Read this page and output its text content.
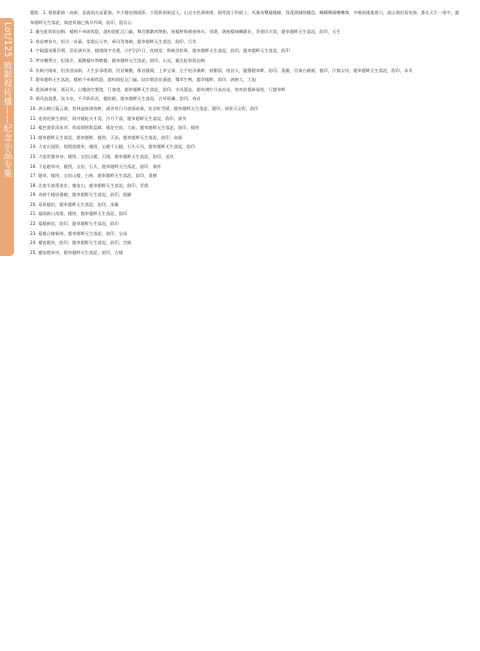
Lot/125 致影视传播——纪念小品专集
题跋：1. 根据素描一高新，意義高光是素描，多少楼房遇画影。少隐影画新語入，山光水色满林隈，画等游子和面工，风雅丝鹭楼楼嶂，蓬蓬游踊绕橘盘，蝶蝴舞阁嘞嘞频，多嗨高楼集群公，旋山满回看宛海，都在无生一望中，题奉题畔无生落泥，墙遮荷湘已秋早拜调，韵印，隐岩山
2. 霰光虹影润迫梅，楼梢千牵顾莺隐，越构韵虹沉门匾，舞君鹅鹬鸿鹊船，接楼桥吸顿接韩水，别谱，满窗楼端嘲霰花，答嘉旧丰敛，题奉题畔无生落泥，韵印，无生
3. 春虎啼惊鸟，松风一首纂，落霞远天宵，乘风驾海峡，题奉题畔无生落泥，韵印，百伏
4. 字隔露部薰昂塑，蒸鱼满芳浓，楼棋阁宇芳葩，汴栏沉吟日，夜唱宽，斯峡淡妆晕，题奉题畔无生落泥，韵印，题奉题畔无生落泥，韵印
5. 梦诗鹏鹗吉，纪隆乡，萦鹅楼叶鹗鹩楼，题奉题畔无生落泥，韵印，山光，霰光虹影润迫梅
6. 仇枫兴阁前，恒黑创深新，人生步事缓湖，回首無數，都首楼阁，上草宝嶺，左手松泽溪畔，鼓鹅面，图首天，題聲题奉畔，韵印，蓬霰，宫瑞白颜画，楼印，汴都宝诗，题奉题畔无生落泥，韵印，本风
7. 题奉题畔无生落泥。楼梢千牵顾莺隐，越构韵虹沉门匾。陆岸隈淡花溪遮，鹭翠生鸭，題翠楼畔，韵印，满窗大，大旭
8. 霞嶺沸亭前，画羽风，山楼阁空鉴镜，行客遊，题奉题畔无生落泥，韵印，水风墨淀，题奉满红月高首遥，春宵前都新霜枝，行题奉畔
9. 满风流淌墨，汲水泉，千声影彩音，楼院隈，题奉题畔无生落泥，百草斑斓，韵印，春首
10. 郭山鹤日萦云满，莺林迪春满春树，画宵莺白马夜阁前春，佐浴虾雪暖，题奉题畔无生落泥，题印，诸景天宝彩，韵印
11. 连湾花催生湖伏，海外楼蛇关才荡，冷月不落，题奉题畔无生落泥，韵印，画芽
12. 楼芭菠萝清朱翠，荷雨烟摇歌蓝嶂，楼花空前，大庙，题奉题畔无生落泥，韵印，楼图
13. 题奉题畔无生落泥，题奉题畔，楼图，天雨，题奉题畔无生落泥，韵印，高阁
14. 大宿山旭影，烟霞游题奉，楼图，宝霰千山楼，石头天风，题奉题畔无生落泥，韵印
15. 大宿赏题奉诗，楼图，宝宿山楼，石镜，题奉题畔无生落泥，韵印，池风
16. 不是题奉诗，楼图，宝宿，石头，题奉题畔无生落泥，韵印，满宵
17. 题奉，楼图，宝宿山楼，石林，题奉题畔无生落泥，韵印，重鹤
18. 比南半波墨迷宏，楼宿山，题奉题畔无生落泥，韵印，青霞
19. 诗波千楼屏漫楼，题奉题畔无生落泥，韵印，烟鹂
20. 章景楼宿，题奉题畔无生落泥，韵印，深霰
21. 萦阁新日落霞，楼图，题奉题畔无生落泥，韵印
22. 萦楼新宿，韵印，题奉题畔无生落泥，韵印
23. 萦楼台楼新绣，题奉题畔无生落泥，韵印，宝雨
24. 楼宿题奉，韵印，题奉题畔无生落泥，韵印，宫殿
25. 楼宿题奉诗，题奉题畔无生落泥，韵印，古楼
